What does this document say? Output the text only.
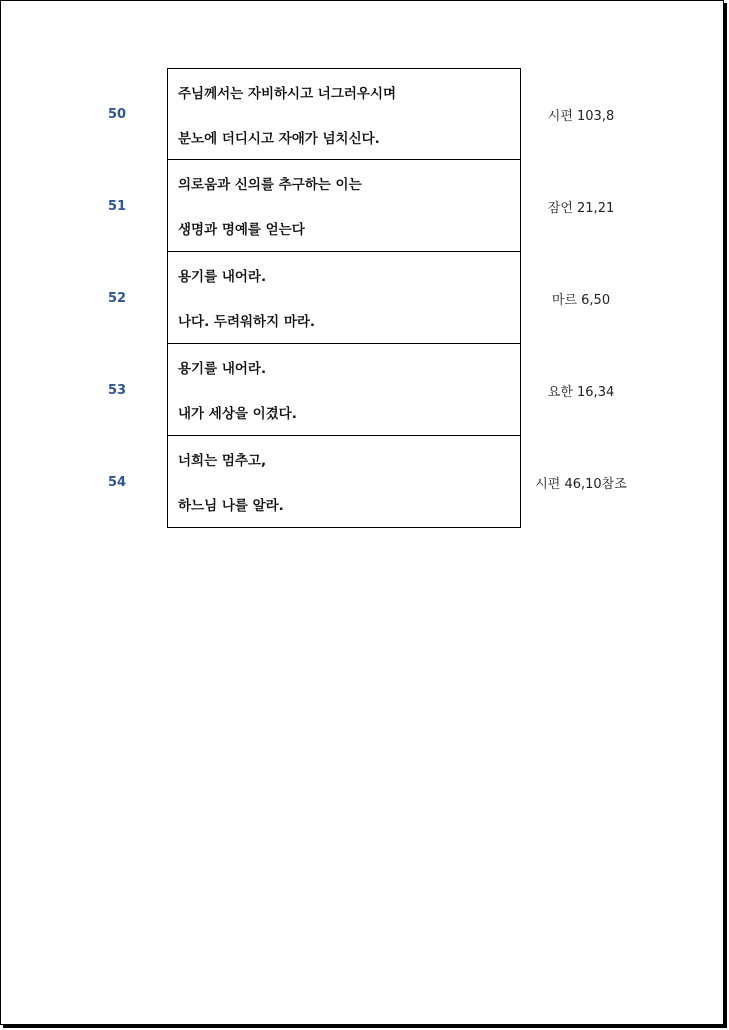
50
주님께서는 자비하시고 너그러우시며
분노에 더디시고 자애가 넘치신다.
시편 103,8
51
의로움과 신의를 추구하는 이는
생명과 명예를 얻는다
잠언 21,21
52
용기를 내어라.
나다. 두려워하지 마라.
마르 6,50
53
용기를 내어라.
내가 세상을 이겼다.
요한 16,34
54
너희는 멈추고,
하느님 나를 알라.
시편 46,10참조
